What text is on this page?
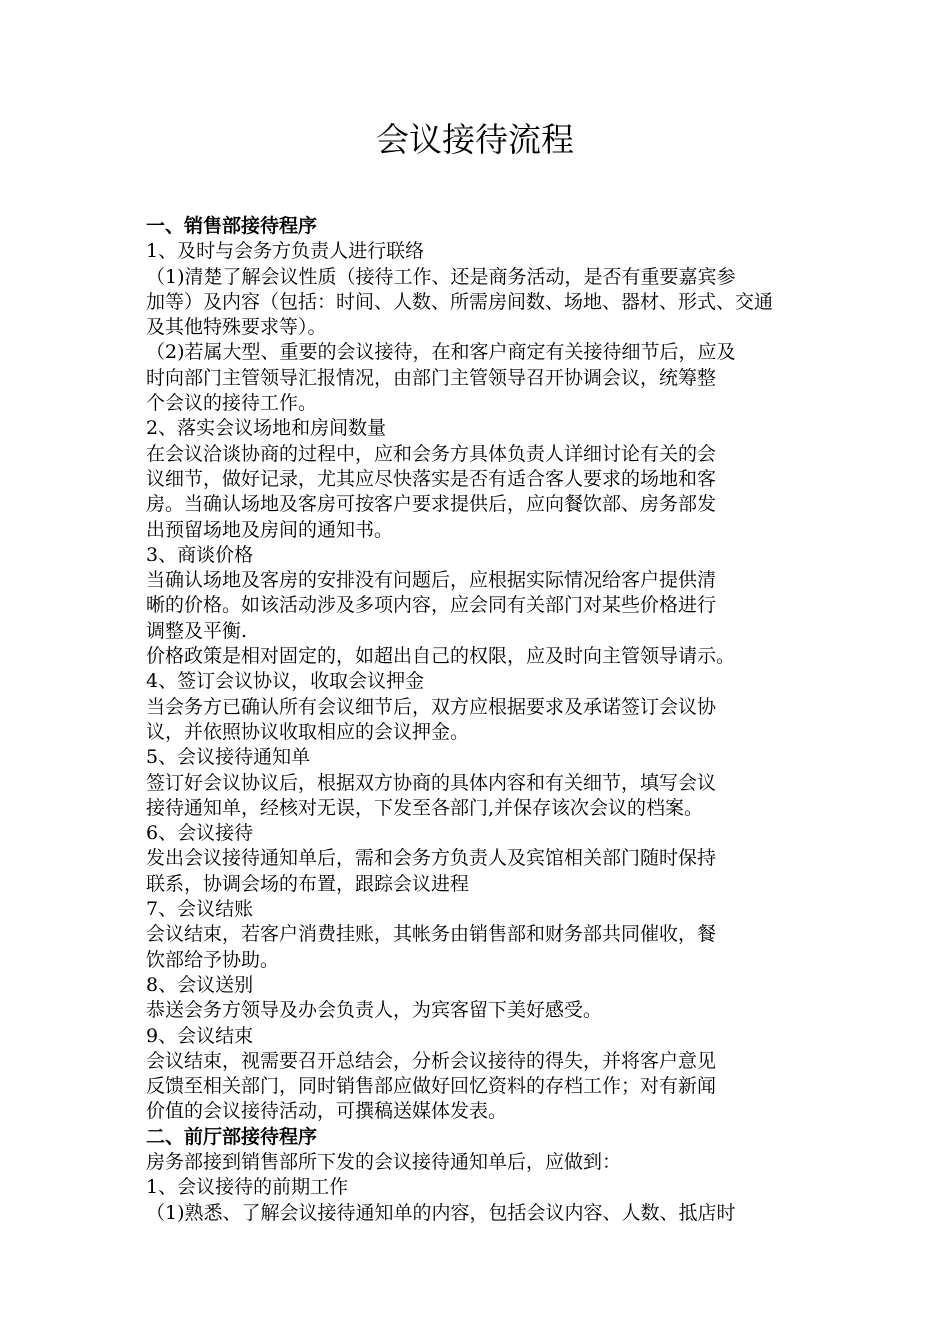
会议接待流程
一、销售部接待程序
1、及时与会务方负责人进行联络
（1)清楚了解会议性质（接待工作、还是商务活动，是否有重要嘉宾参
加等）及内容（包括：时间、人数、所需房间数、场地、器材、形式、交通
及其他特殊要求等）。
（2)若属大型、重要的会议接待，在和客户商定有关接待细节后，应及
时向部门主管领导汇报情况，由部门主管领导召开协调会议，统筹整
个会议的接待工作。
2、落实会议场地和房间数量
在会议洽谈协商的过程中，应和会务方具体负责人详细讨论有关的会
议细节，做好记录，尤其应尽快落实是否有适合客人要求的场地和客
房。当确认场地及客房可按客户要求提供后，应向餐饮部、房务部发
出预留场地及房间的通知书。
3、商谈价格
当确认场地及客房的安排没有问题后，应根据实际情况给客户提供清
晰的价格。如该活动涉及多项内容，应会同有关部门对某些价格进行
调整及平衡.
价格政策是相对固定的，如超出自己的权限，应及时向主管领导请示。
4、签订会议协议，收取会议押金
当会务方已确认所有会议细节后，双方应根据要求及承诺签订会议协
议，并依照协议收取相应的会议押金。
5、会议接待通知单
签订好会议协议后，根据双方协商的具体内容和有关细节，填写会议
接待通知单，经核对无误，下发至各部门,并保存该次会议的档案。
6、会议接待
发出会议接待通知单后，需和会务方负责人及宾馆相关部门随时保持
联系，协调会场的布置，跟踪会议进程
7、会议结账
会议结束，若客户消费挂账，其帐务由销售部和财务部共同催收，餐
饮部给予协助。
8、会议送别
恭送会务方领导及办会负责人，为宾客留下美好感受。
9、会议结束
会议结束，视需要召开总结会，分析会议接待的得失，并将客户意见
反馈至相关部门，同时销售部应做好回忆资料的存档工作；对有新闻
价值的会议接待活动，可撰稿送媒体发表。
二、前厅部接待程序
房务部接到销售部所下发的会议接待通知单后，应做到：
1、会议接待的前期工作
（1)熟悉、了解会议接待通知单的内容，包括会议内容、人数、抵店时
